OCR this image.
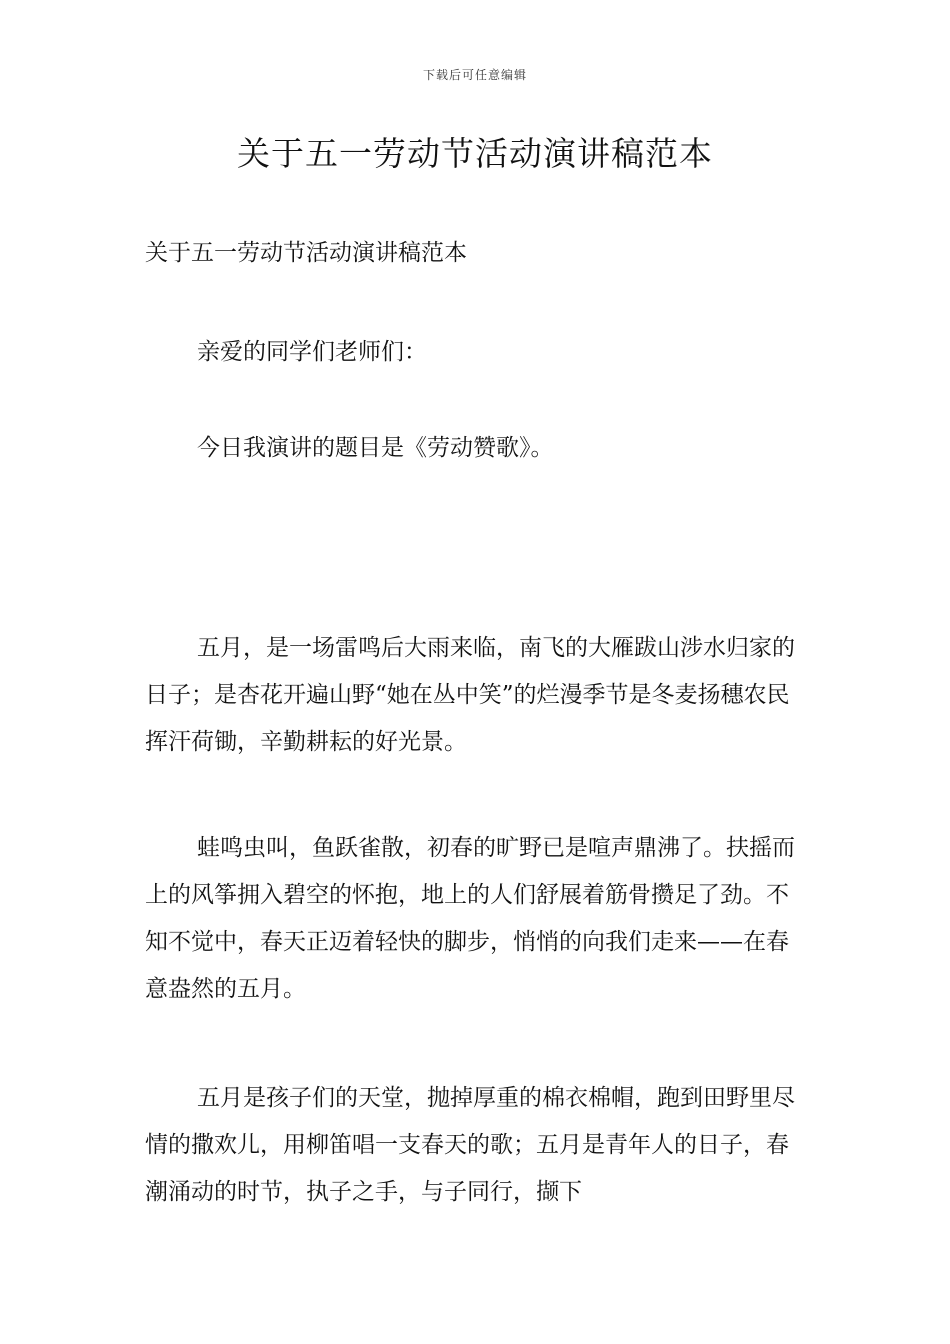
下载后可任意编辑
关于五一劳动节活动演讲稿范本
关于五一劳动节活动演讲稿范本
亲爱的同学们老师们：
今日我演讲的题目是《劳动赞歌》。
五月，是一场雷鸣后大雨来临，南飞的大雁跋山涉水归家的日子；是杏花开遍山野“她在丛中笑”的烂漫季节是冬麦扬穗农民挥汗荷锄，辛勤耕耘的好光景。
蛙鸣虫叫，鱼跃雀散，初春的旷野已是喧声鼎沸了。扶摇而上的风筝拥入碧空的怀抱，地上的人们舒展着筋骨攒足了劲。不知不觉中，春天正迈着轻快的脚步，悄悄的向我们走来——在春意盎然的五月。
五月是孩子们的天堂，抛掉厚重的棉衣棉帽，跑到田野里尽情的撒欢儿，用柳笛唱一支春天的歌；五月是青年人的日子，春潮涌动的时节，执子之手，与子同行，撷下
